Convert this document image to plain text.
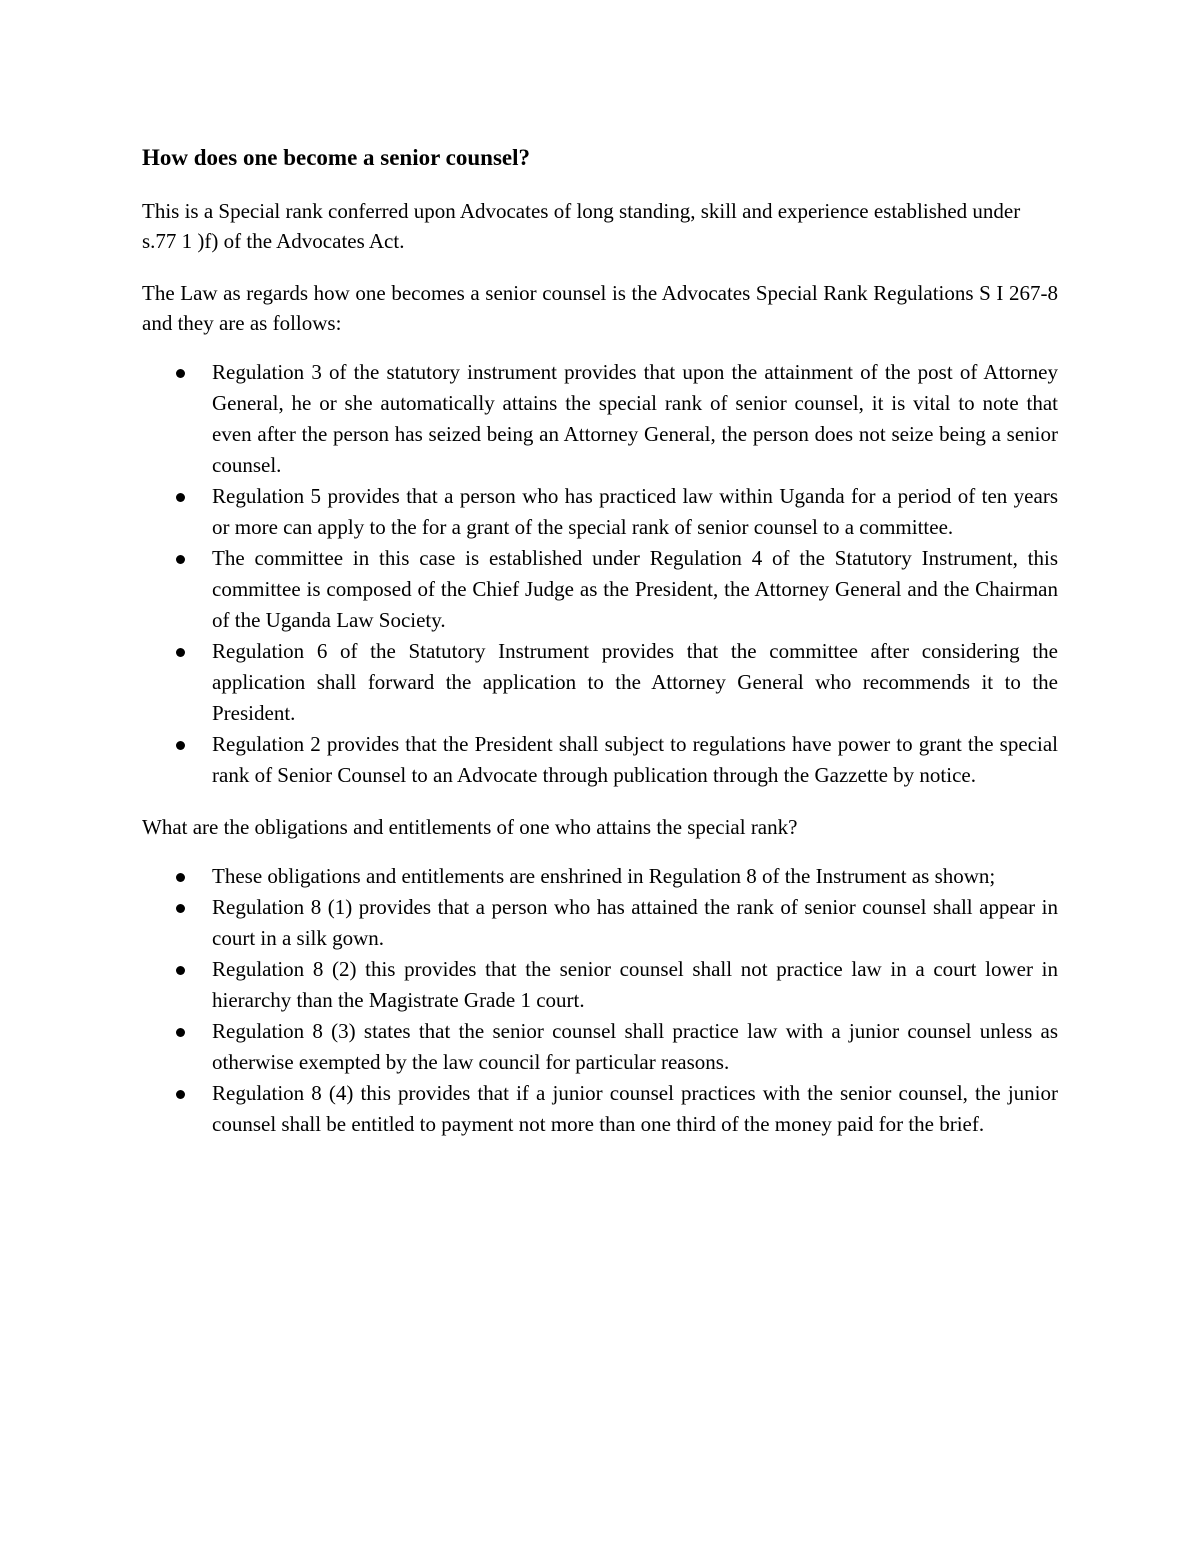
How does one become a senior counsel?

This is a Special rank conferred upon Advocates of long standing, skill and experience established under s.77 1 )f) of the Advocates Act.

The Law as regards how one becomes a senior counsel is the Advocates Special Rank Regulations S I 267-8 and they are as follows:

Regulation 3 of the statutory instrument provides that upon the attainment of the post of Attorney General, he or she automatically attains the special rank of senior counsel, it is vital to note that even after the person has seized being an Attorney General, the person does not seize being a senior counsel.
Regulation 5 provides that a person who has practiced law within Uganda for a period of ten years or more can apply to the for a grant of the special rank of senior counsel to a committee.
The committee in this case is established under Regulation 4 of the Statutory Instrument, this committee is composed of the Chief Judge as the President, the Attorney General and the Chairman of the Uganda Law Society.
Regulation 6 of the Statutory Instrument provides that the committee after considering the application shall forward the application to the Attorney General who recommends it to the President.
Regulation 2 provides that the President shall subject to regulations have power to grant the special rank of Senior Counsel to an Advocate through publication through the Gazzette by notice.

What are the obligations and entitlements of one who attains the special rank?

These obligations and entitlements are enshrined in Regulation 8 of the Instrument as shown;
Regulation 8 (1) provides that a person who has attained the rank of senior counsel shall appear in court in a silk gown.
Regulation 8 (2) this provides that the senior counsel shall not practice law in a court lower in hierarchy than the Magistrate Grade 1 court.
Regulation 8 (3) states that the senior counsel shall practice law with a junior counsel unless as otherwise exempted by the law council for particular reasons.
Regulation 8 (4) this provides that if a junior counsel practices with the senior counsel, the junior counsel shall be entitled to payment not more than one third of the money paid for the brief.
